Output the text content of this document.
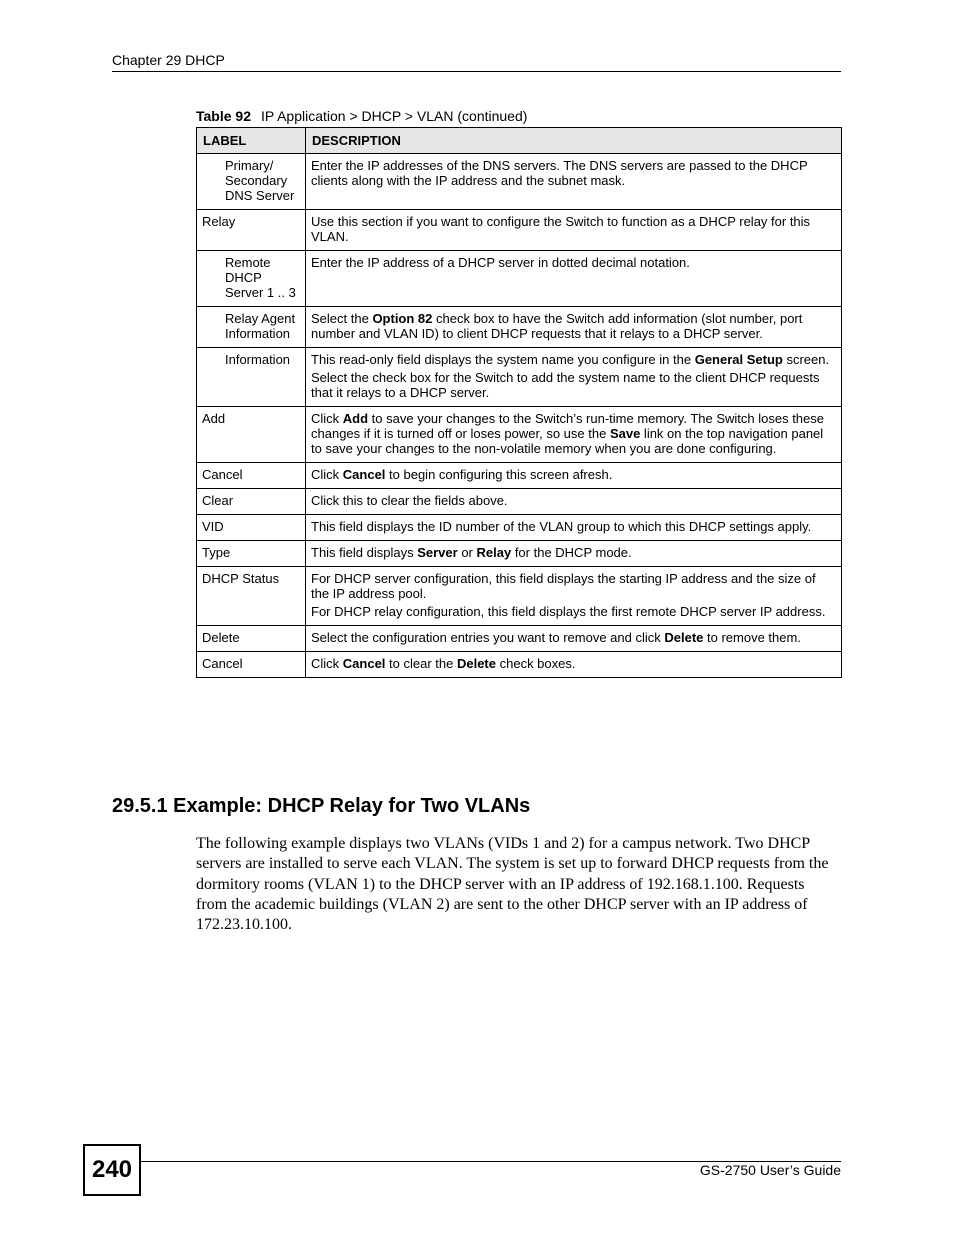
Chapter 29 DHCP
Table 92 IP Application > DHCP > VLAN (continued)
LABEL	DESCRIPTION
Primary/ Secondary DNS Server	Enter the IP addresses of the DNS servers. The DNS servers are passed to the DHCP clients along with the IP address and the subnet mask.

Relay	Use this section if you want to configure the Switch to function as a DHCP relay for this VLAN.

Remote DHCP Server 1 .. 3	Enter the IP address of a DHCP server in dotted decimal notation.

Relay Agent Information	Select the Option 82 check box to have the Switch add information (slot number, port number and VLAN ID) to client DHCP requests that it relays to a DHCP server.

Information	This read-only field displays the system name you configure in the General Setup screen.

Select the check box for the Switch to add the system name to the client DHCP requests that it relays to a DHCP server.

Add	Click Add to save your changes to the Switch’s run-time memory. The Switch loses these changes if it is turned off or loses power, so use the Save link on the top navigation panel to save your changes to the non-volatile memory when you are done configuring.

Cancel	Click Cancel to begin configuring this screen afresh.

Clear	Click this to clear the fields above.

VID	This field displays the ID number of the VLAN group to which this DHCP settings apply.

Type	This field displays Server or Relay for the DHCP mode.

DHCP Status	For DHCP server configuration, this field displays the starting IP address and the size of the IP address pool.

For DHCP relay configuration, this field displays the first remote DHCP server IP address.

Delete	Select the configuration entries you want to remove and click Delete to remove them.

Cancel	Click Cancel to clear the Delete check boxes.

29.5.1 Example: DHCP Relay for Two VLANs

The following example displays two VLANs (VIDs 1 and 2) for a campus network. Two DHCP servers are installed to serve each VLAN. The system is set up to forward DHCP requests from the dormitory rooms (VLAN 1) to the DHCP server with an IP address of 192.168.1.100. Requests from the academic buildings (VLAN 2) are sent to the other DHCP server with an IP address of 172.23.10.100.

240	GS-2750 User’s Guide
